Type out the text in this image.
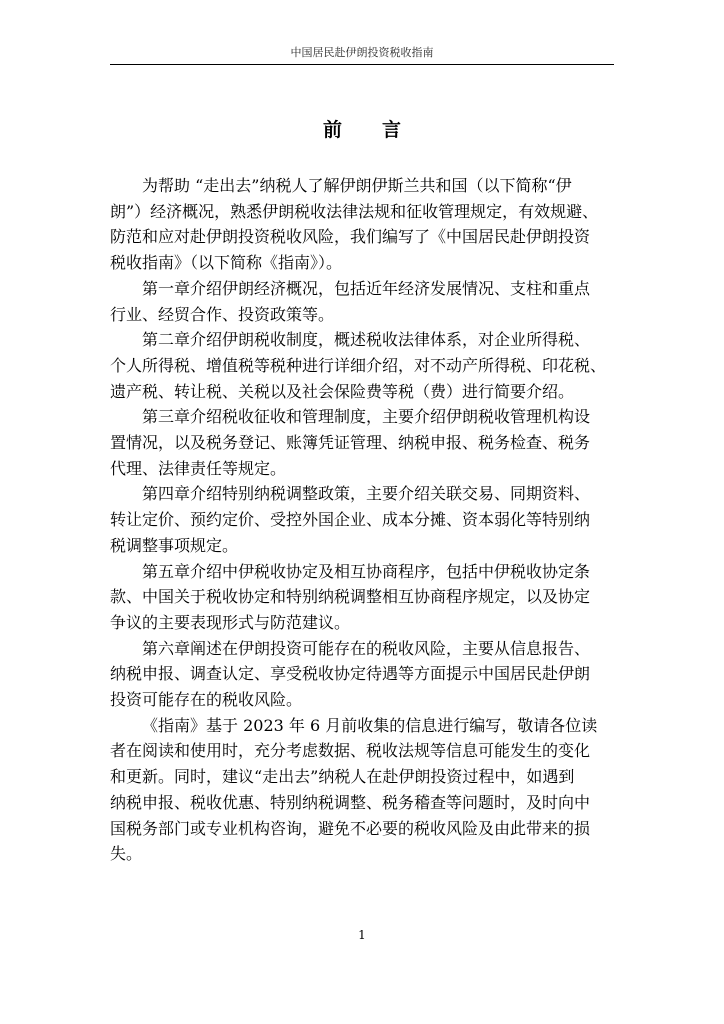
中国居民赴伊朗投资税收指南
前言

为帮助 “走出去”纳税人了解伊朗伊斯兰共和国（以下简称“伊
朗”）经济概况，熟悉伊朗税收法律法规和征收管理规定，有效规避、
防范和应对赴伊朗投资税收风险，我们编写了《中国居民赴伊朗投资
税收指南》（以下简称《指南》）。

第一章介绍伊朗经济概况，包括近年经济发展情况、支柱和重点
行业、经贸合作、投资政策等。

第二章介绍伊朗税收制度，概述税收法律体系，对企业所得税、
个人所得税、增值税等税种进行详细介绍，对不动产所得税、印花税、
遗产税、转让税、关税以及社会保险费等税（费）进行简要介绍。

第三章介绍税收征收和管理制度，主要介绍伊朗税收管理机构设
置情况，以及税务登记、账簿凭证管理、纳税申报、税务检查、税务
代理、法律责任等规定。

第四章介绍特别纳税调整政策，主要介绍关联交易、同期资料、
转让定价、预约定价、受控外国企业、成本分摊、资本弱化等特别纳
税调整事项规定。

第五章介绍中伊税收协定及相互协商程序，包括中伊税收协定条
款、中国关于税收协定和特别纳税调整相互协商程序规定，以及协定
争议的主要表现形式与防范建议。

第六章阐述在伊朗投资可能存在的税收风险，主要从信息报告、
纳税申报、调查认定、享受税收协定待遇等方面提示中国居民赴伊朗
投资可能存在的税收风险。

《指南》基于 2023 年 6 月前收集的信息进行编写，敬请各位读
者在阅读和使用时，充分考虑数据、税收法规等信息可能发生的变化
和更新。同时，建议“走出去”纳税人在赴伊朗投资过程中，如遇到
纳税申报、税收优惠、特别纳税调整、税务稽查等问题时，及时向中
国税务部门或专业机构咨询，避免不必要的税收风险及由此带来的损
失。

1
